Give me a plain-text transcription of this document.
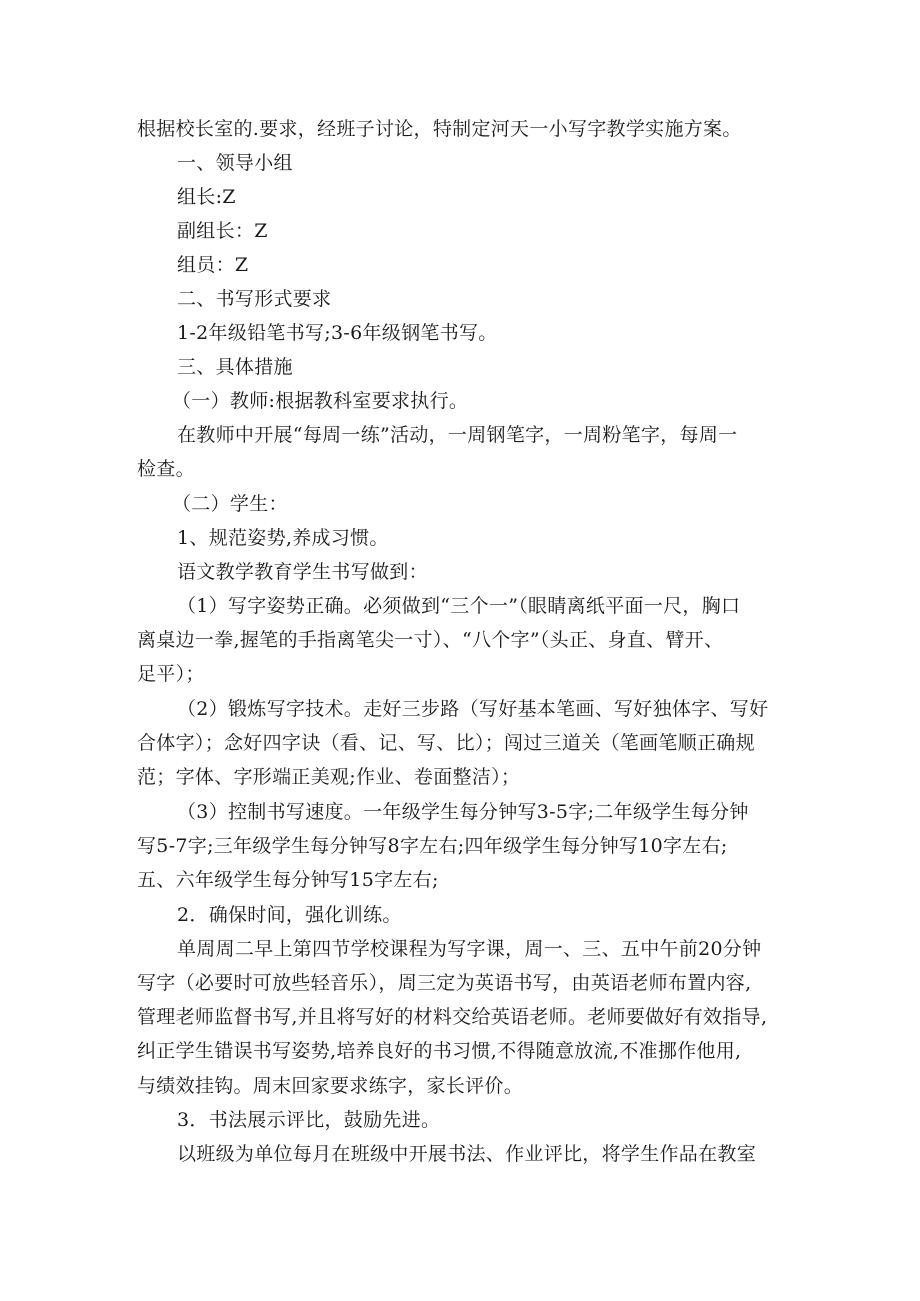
根据校长室的.要求，经班子讨论，特制定河天一小写字教学实施方案。
一、领导小组
组长:Z
副组长：Z
组员：Z
二、书写形式要求
1-2年级铅笔书写;3-6年级钢笔书写。
三、具体措施
（一）教师:根据教科室要求执行。
在教师中开展“每周一练”活动，一周钢笔字，一周粉笔字，每周一
检查。
（二）学生：
1、规范姿势,养成习惯。
语文教学教育学生书写做到：
（1）写字姿势正确。必须做到“三个一”（眼睛离纸平面一尺，胸口
离桌边一拳,握笔的手指离笔尖一寸）、“八个字”（头正、身直、臂开、
足平）；
（2）锻炼写字技术。走好三步路（写好基本笔画、写好独体字、写好
合体字）；念好四字诀（看、记、写、比）；闯过三道关（笔画笔顺正确规
范；字体、字形端正美观;作业、卷面整洁）；
（3）控制书写速度。一年级学生每分钟写3-5字;二年级学生每分钟
写5-7字;三年级学生每分钟写8字左右;四年级学生每分钟写10字左右;
五、六年级学生每分钟写15字左右;
2．确保时间，强化训练。
单周周二早上第四节学校课程为写字课，周一、三、五中午前20分钟
写字（必要时可放些轻音乐），周三定为英语书写，由英语老师布置内容,
管理老师监督书写,并且将写好的材料交给英语老师。老师要做好有效指导,
纠正学生错误书写姿势,培养良好的书习惯,不得随意放流,不准挪作他用,
与绩效挂钩。周末回家要求练字，家长评价。
3．书法展示评比，鼓励先进。
以班级为单位每月在班级中开展书法、作业评比，将学生作品在教室
